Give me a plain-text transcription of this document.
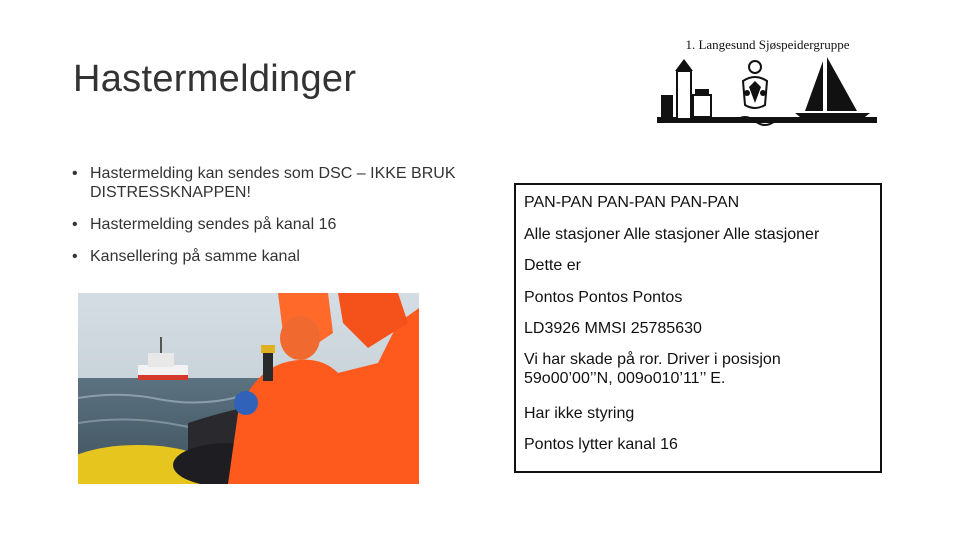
Hastermeldinger
• Hastermelding kan sendes som DSC – IKKE BRUK DISTRESSKNAPPEN!
• Hastermelding sendes på kanal 16
• Kansellering på samme kanal
1. Langesund Sjøspeidergruppe

PAN-PAN PAN-PAN PAN-PAN

Alle stasjoner Alle stasjoner Alle stasjoner

Dette er

Pontos Pontos Pontos

LD3926 MMSI 25785630

Vi har skade på ror. Driver i posisjon 59o00’00’’N, 009o010’11’’ E.

Har ikke styring

Pontos lytter kanal 16
